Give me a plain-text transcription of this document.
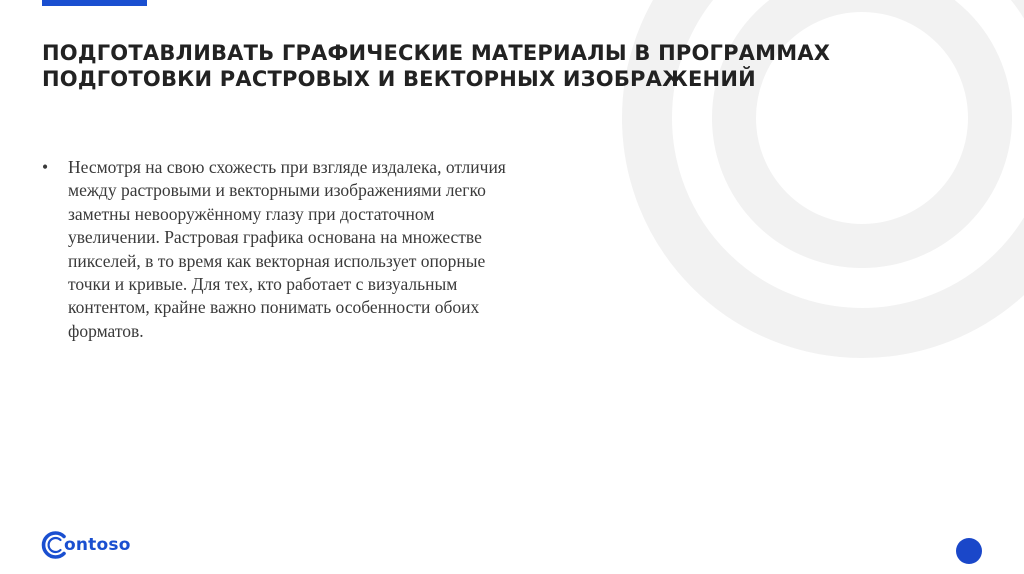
ПОДГОТАВЛИВАТЬ ГРАФИЧЕСКИЕ МАТЕРИАЛЫ В ПРОГРАММАХ ПОДГОТОВКИ РАСТРОВЫХ И ВЕКТОРНЫХ ИЗОБРАЖЕНИЙ
• Несмотря на свою схожесть при взгляде издалека, отличия между растровыми и векторными изображениями легко заметны невооружённому глазу при достаточном увеличении. Растровая графика основана на множестве пикселей, в то время как векторная использует опорные точки и кривые. Для тех, кто работает с визуальным контентом, крайне важно понимать особенности обоих форматов.
ontoso
